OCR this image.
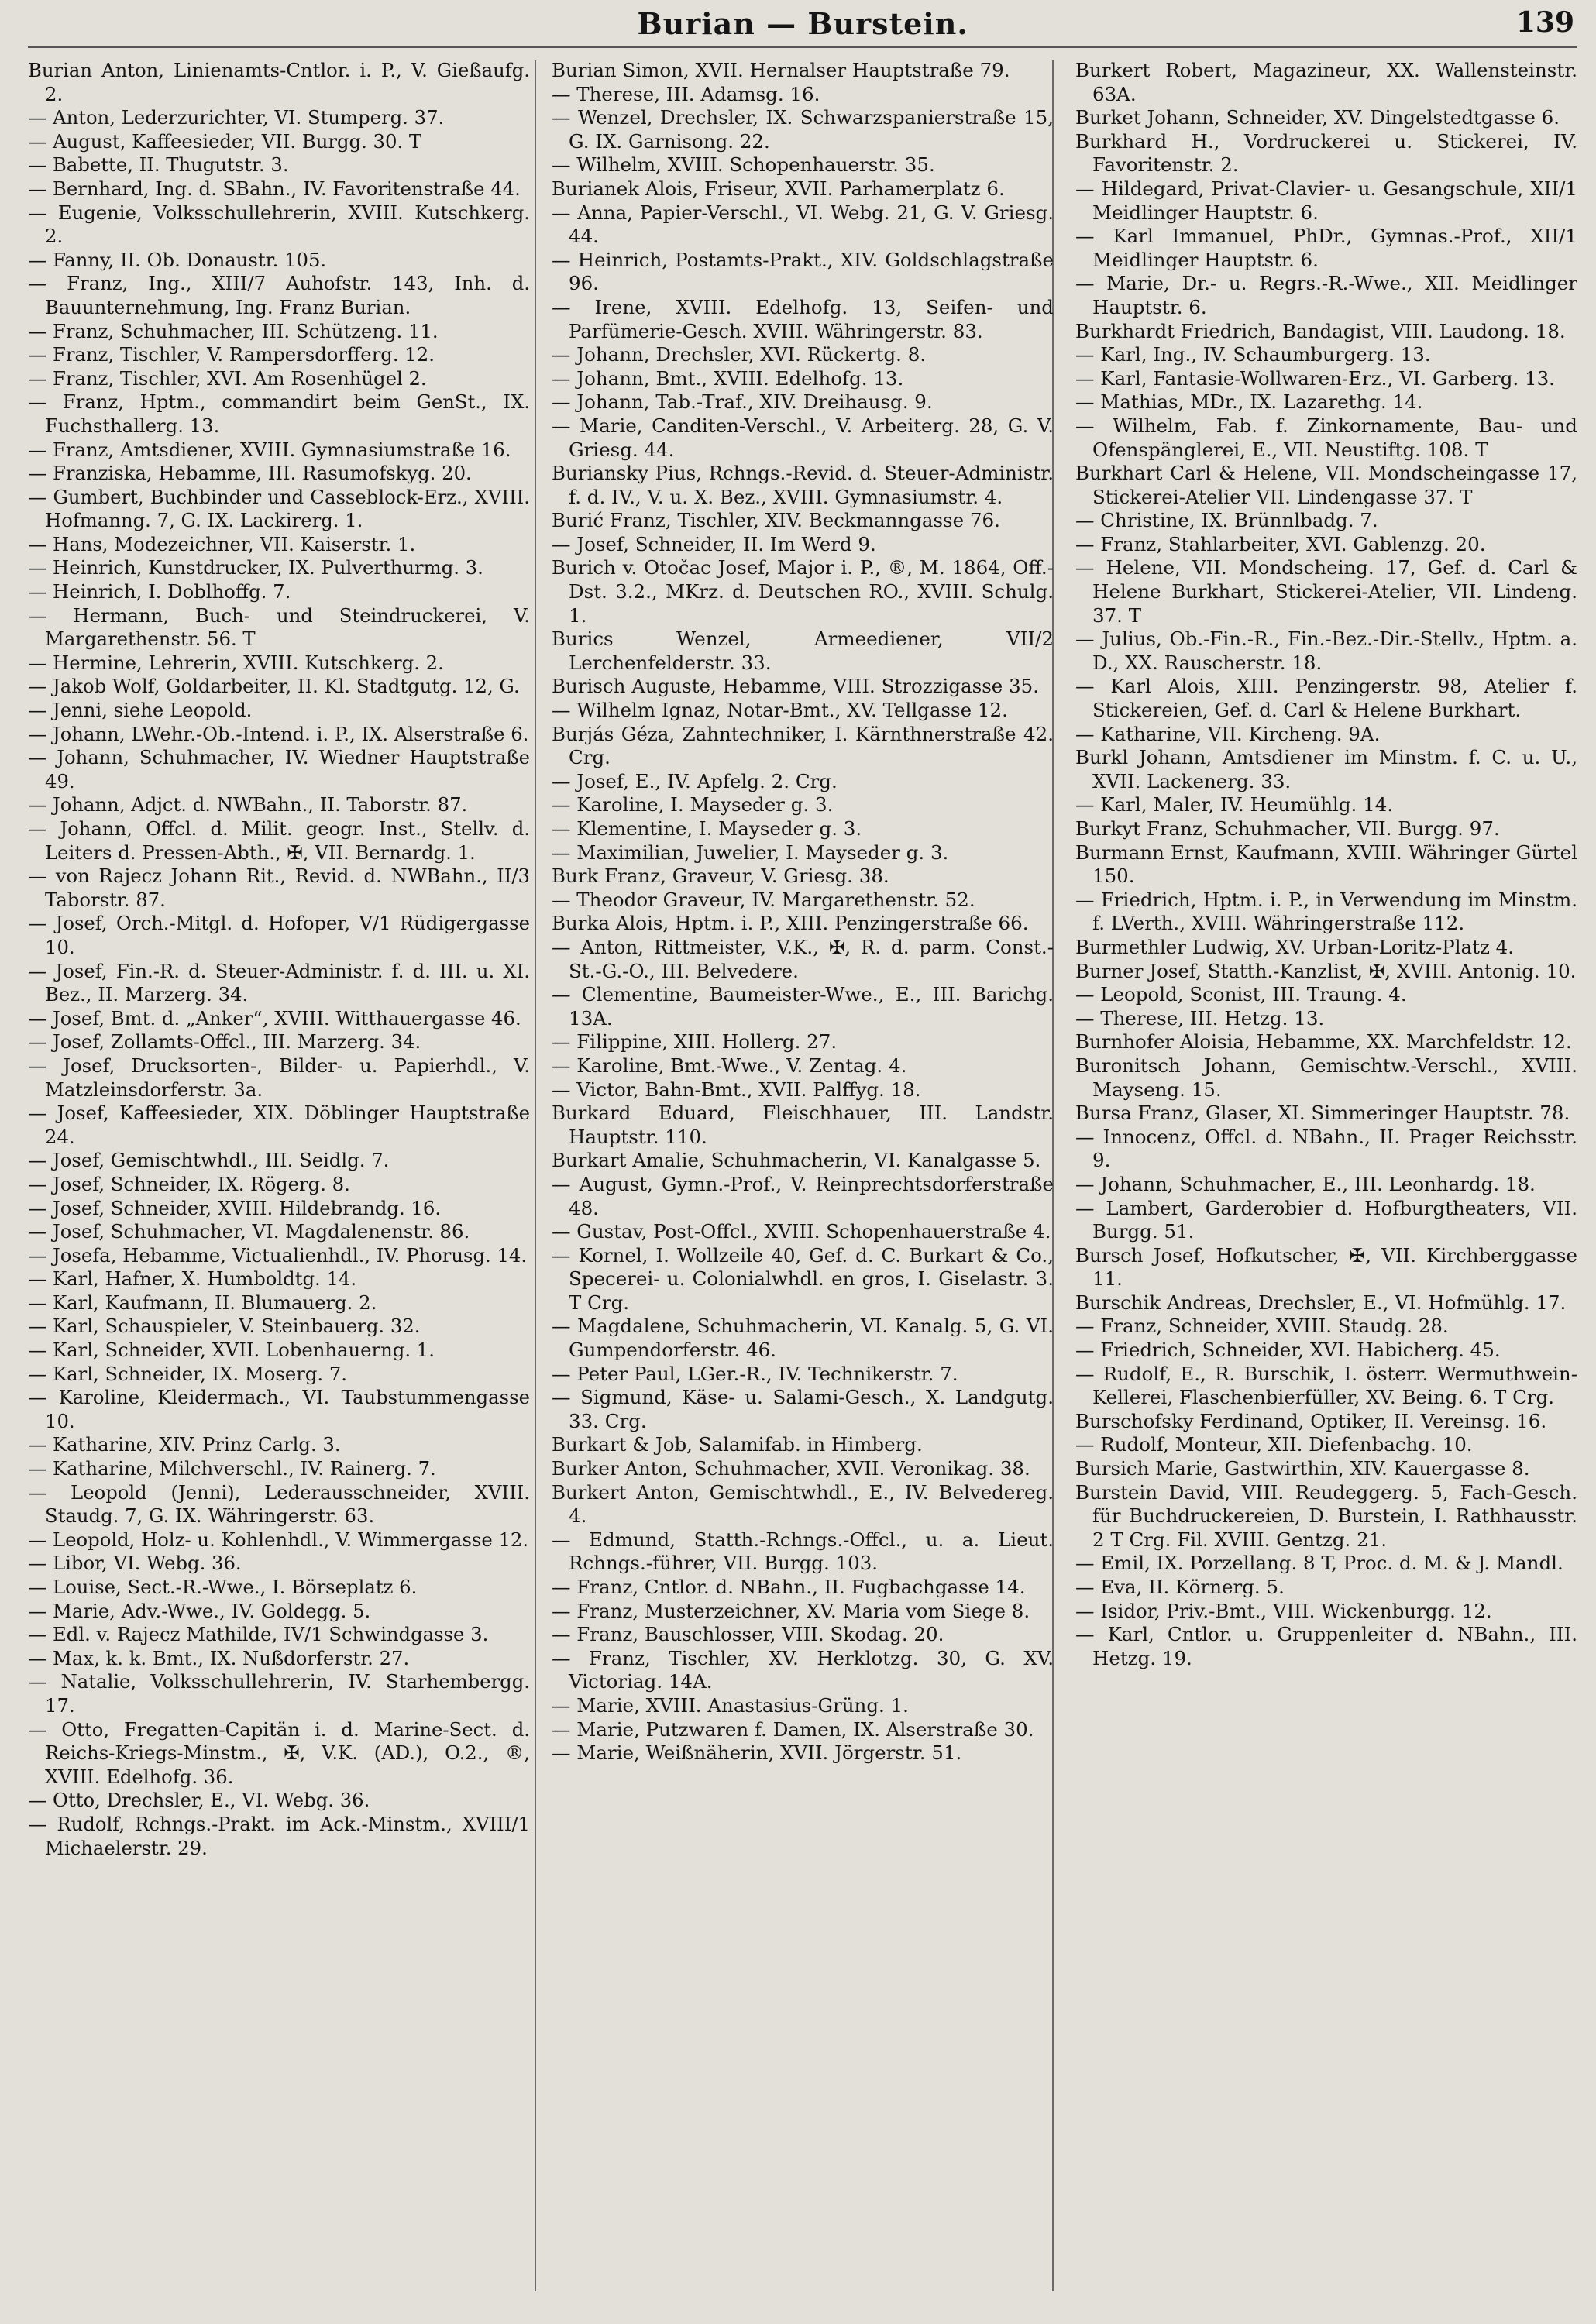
Burian — Burstein.	139

Burian Anton, Linienamts-Cntlor. i. P., V. Gießaufg. 2.

— Anton, Lederzurichter, VI. Stumperg. 37.

— August, Kaffeesieder, VII. Burgg. 30. T

— Babette, II. Thugutstr. 3.

— Bernhard, Ing. d. SBahn., IV. Favoritenstraße 44.

— Eugenie, Volksschullehrerin, XVIII. Kutschkerg. 2.

— Fanny, II. Ob. Donaustr. 105.

— Franz, Ing., XIII/7 Auhofstr. 143, Inh. d. Bauunternehmung, Ing. Franz Burian.

— Franz, Schuhmacher, III. Schützeng. 11.

— Franz, Tischler, V. Rampersdorfferg. 12.

— Franz, Tischler, XVI. Am Rosenhügel 2.

— Franz, Hptm., commandirt beim GenSt., IX. Fuchsthallerg. 13.

— Franz, Amtsdiener, XVIII. Gymnasiumstraße 16.

— Franziska, Hebamme, III. Rasumofskyg. 20.

— Gumbert, Buchbinder und Casseblock-Erz., XVIII. Hofmanng. 7, G. IX. Lackirerg. 1.

— Hans, Modezeichner, VII. Kaiserstr. 1.

— Heinrich, Kunstdrucker, IX. Pulverthurmg. 3.

— Heinrich, I. Doblhoffg. 7.

— Hermann, Buch- und Steindruckerei, V. Margarethenstr. 56. T

— Hermine, Lehrerin, XVIII. Kutschkerg. 2.

— Jakob Wolf, Goldarbeiter, II. Kl. Stadtgutg. 12, G.

— Jenni, siehe Leopold.

— Johann, LWehr.-Ob.-Intend. i. P., IX. Alserstraße 6.

— Johann, Schuhmacher, IV. Wiedner Hauptstraße 49.

— Johann, Adjct. d. NWBahn., II. Taborstr. 87.

— Johann, Offcl. d. Milit. geogr. Inst., Stellv. d. Leiters d. Pressen-Abth., ✠, VII. Bernardg. 1.

— von Rajecz Johann Rit., Revid. d. NWBahn., II/3 Taborstr. 87.

— Josef, Orch.-Mitgl. d. Hofoper, V/1 Rüdigergasse 10.

— Josef, Fin.-R. d. Steuer-Administr. f. d. III. u. XI. Bez., II. Marzerg. 34.

— Josef, Bmt. d. „Anker“, XVIII. Witthauergasse 46.

— Josef, Zollamts-Offcl., III. Marzerg. 34.

— Josef, Drucksorten-, Bilder- u. Papierhdl., V. Matzleinsdorferstr. 3a.

— Josef, Kaffeesieder, XIX. Döblinger Hauptstraße 24.

— Josef, Gemischtwhdl., III. Seidlg. 7.

— Josef, Schneider, IX. Rögerg. 8.

— Josef, Schneider, XVIII. Hildebrandg. 16.

— Josef, Schuhmacher, VI. Magdalenenstr. 86.

— Josefa, Hebamme, Victualienhdl., IV. Phorusg. 14.

— Karl, Hafner, X. Humboldtg. 14.

— Karl, Kaufmann, II. Blumauerg. 2.

— Karl, Schauspieler, V. Steinbauerg. 32.

— Karl, Schneider, XVII. Lobenhauerng. 1.

— Karl, Schneider, IX. Moserg. 7.

— Karoline, Kleidermach., VI. Taubstummengasse 10.

— Katharine, XIV. Prinz Carlg. 3.

— Katharine, Milchverschl., IV. Rainerg. 7.

— Leopold (Jenni), Lederausschneider, XVIII. Staudg. 7, G. IX. Währingerstr. 63.

— Leopold, Holz- u. Kohlenhdl., V. Wimmergasse 12.

— Libor, VI. Webg. 36.

— Louise, Sect.-R.-Wwe., I. Börseplatz 6.

— Marie, Adv.-Wwe., IV. Goldegg. 5.

— Edl. v. Rajecz Mathilde, IV/1 Schwindgasse 3.

— Max, k. k. Bmt., IX. Nußdorferstr. 27.

— Natalie, Volksschullehrerin, IV. Starhembergg. 17.

— Otto, Fregatten-Capitän i. d. Marine-Sect. d. Reichs-Kriegs-Minstm., ✠, V.K. (AD.), O.2., ®, XVIII. Edelhofg. 36.

— Otto, Drechsler, E., VI. Webg. 36.

— Rudolf, Rchngs.-Prakt. im Ack.-Minstm., XVIII/1 Michaelerstr. 29.

Burian Simon, XVII. Hernalser Hauptstraße 79.

— Therese, III. Adamsg. 16.

— Wenzel, Drechsler, IX. Schwarzspanierstraße 15, G. IX. Garnisong. 22.

— Wilhelm, XVIII. Schopenhauerstr. 35.

Burianek Alois, Friseur, XVII. Parhamerplatz 6.

— Anna, Papier-Verschl., VI. Webg. 21, G. V. Griesg. 44.

— Heinrich, Postamts-Prakt., XIV. Goldschlagstraße 96.

— Irene, XVIII. Edelhofg. 13, Seifen- und Parfümerie-Gesch. XVIII. Währingerstr. 83.

— Johann, Drechsler, XVI. Rückertg. 8.

— Johann, Bmt., XVIII. Edelhofg. 13.

— Johann, Tab.-Traf., XIV. Dreihausg. 9.

— Marie, Canditen-Verschl., V. Arbeiterg. 28, G. V. Griesg. 44.

Buriansky Pius, Rchngs.-Revid. d. Steuer-Administr. f. d. IV., V. u. X. Bez., XVIII. Gymnasiumstr. 4.

Burić Franz, Tischler, XIV. Beckmanngasse 76.

— Josef, Schneider, II. Im Werd 9.

Burich v. Otočac Josef, Major i. P., ®, M. 1864, Off.-Dst. 3.2., MKrz. d. Deutschen RO., XVIII. Schulg. 1.

Burics Wenzel, Armeediener, VII/2 Lerchenfelderstr. 33.

Burisch Auguste, Hebamme, VIII. Strozzigasse 35.

— Wilhelm Ignaz, Notar-Bmt., XV. Tellgasse 12.

Burjás Géza, Zahntechniker, I. Kärnthnerstraße 42. Crg.

— Josef, E., IV. Apfelg. 2. Crg.

— Karoline, I. Mayseder g. 3.

— Klementine, I. Mayseder g. 3.

— Maximilian, Juwelier, I. Mayseder g. 3.

Burk Franz, Graveur, V. Griesg. 38.

— Theodor Graveur, IV. Margarethenstr. 52.

Burka Alois, Hptm. i. P., XIII. Penzingerstraße 66.

— Anton, Rittmeister, V.K., ✠, R. d. parm. Const.-St.-G.-O., III. Belvedere.

— Clementine, Baumeister-Wwe., E., III. Barichg. 13A.

— Filippine, XIII. Hollerg. 27.

— Karoline, Bmt.-Wwe., V. Zentag. 4.

— Victor, Bahn-Bmt., XVII. Palffyg. 18.

Burkard Eduard, Fleischhauer, III. Landstr. Hauptstr. 110.

Burkart Amalie, Schuhmacherin, VI. Kanalgasse 5.

— August, Gymn.-Prof., V. Reinprechtsdorferstraße 48.

— Gustav, Post-Offcl., XVIII. Schopenhauerstraße 4.

— Kornel, I. Wollzeile 40, Gef. d. C. Burkart & Co., Specerei- u. Colonialwhdl. en gros, I. Giselastr. 3. T Crg.

— Magdalene, Schuhmacherin, VI. Kanalg. 5, G. VI. Gumpendorferstr. 46.

— Peter Paul, LGer.-R., IV. Technikerstr. 7.

— Sigmund, Käse- u. Salami-Gesch., X. Landgutg. 33. Crg.

Burkart & Job, Salamifab. in Himberg.

Burker Anton, Schuhmacher, XVII. Veronikag. 38.

Burkert Anton, Gemischtwhdl., E., IV. Belvedereg. 4.

— Edmund, Statth.-Rchngs.-Offcl., u. a. Lieut. Rchngs.-führer, VII. Burgg. 103.

— Franz, Cntlor. d. NBahn., II. Fugbachgasse 14.

— Franz, Musterzeichner, XV. Maria vom Siege 8.

— Franz, Bauschlosser, VIII. Skodag. 20.

— Franz, Tischler, XV. Herklotzg. 30, G. XV. Victoriag. 14A.

— Marie, XVIII. Anastasius-Grüng. 1.

— Marie, Putzwaren f. Damen, IX. Alserstraße 30.

— Marie, Weißnäherin, XVII. Jörgerstr. 51.

Burkert Robert, Magazineur, XX. Wallensteinstr. 63A.

Burket Johann, Schneider, XV. Dingelstedtgasse 6.

Burkhard H., Vordruckerei u. Stickerei, IV. Favoritenstr. 2.

— Hildegard, Privat-Clavier- u. Gesangschule, XII/1 Meidlinger Hauptstr. 6.

— Karl Immanuel, PhDr., Gymnas.-Prof., XII/1 Meidlinger Hauptstr. 6.

— Marie, Dr.- u. Regrs.-R.-Wwe., XII. Meidlinger Hauptstr. 6.

Burkhardt Friedrich, Bandagist, VIII. Laudong. 18.

— Karl, Ing., IV. Schaumburgerg. 13.

— Karl, Fantasie-Wollwaren-Erz., VI. Garberg. 13.

— Mathias, MDr., IX. Lazarethg. 14.

— Wilhelm, Fab. f. Zinkornamente, Bau- und Ofenspänglerei, E., VII. Neustiftg. 108. T

Burkhart Carl & Helene, VII. Mondscheingasse 17, Stickerei-Atelier VII. Lindengasse 37. T

— Christine, IX. Brünnlbadg. 7.

— Franz, Stahlarbeiter, XVI. Gablenzg. 20.

— Helene, VII. Mondscheing. 17, Gef. d. Carl & Helene Burkhart, Stickerei-Atelier, VII. Lindeng. 37. T

— Julius, Ob.-Fin.-R., Fin.-Bez.-Dir.-Stellv., Hptm. a. D., XX. Rauscherstr. 18.

— Karl Alois, XIII. Penzingerstr. 98, Atelier f. Stickereien, Gef. d. Carl & Helene Burkhart.

— Katharine, VII. Kircheng. 9A.

Burkl Johann, Amtsdiener im Minstm. f. C. u. U., XVII. Lackenerg. 33.

— Karl, Maler, IV. Heumühlg. 14.

Burkyt Franz, Schuhmacher, VII. Burgg. 97.

Burmann Ernst, Kaufmann, XVIII. Währinger Gürtel 150.

— Friedrich, Hptm. i. P., in Verwendung im Minstm. f. LVerth., XVIII. Währingerstraße 112.

Burmethler Ludwig, XV. Urban-Loritz-Platz 4.

Burner Josef, Statth.-Kanzlist, ✠, XVIII. Antonig. 10.

— Leopold, Sconist, III. Traung. 4.

— Therese, III. Hetzg. 13.

Burnhofer Aloisia, Hebamme, XX. Marchfeldstr. 12.

Buronitsch Johann, Gemischtw.-Verschl., XVIII. Mayseng. 15.

Bursa Franz, Glaser, XI. Simmeringer Hauptstr. 78.

— Innocenz, Offcl. d. NBahn., II. Prager Reichsstr. 9.

— Johann, Schuhmacher, E., III. Leonhardg. 18.

— Lambert, Garderobier d. Hofburgtheaters, VII. Burgg. 51.

Bursch Josef, Hofkutscher, ✠, VII. Kirchberggasse 11.

Burschik Andreas, Drechsler, E., VI. Hofmühlg. 17.

— Franz, Schneider, XVIII. Staudg. 28.

— Friedrich, Schneider, XVI. Habicherg. 45.

— Rudolf, E., R. Burschik, I. österr. Wermuthwein-Kellerei, Flaschenbierfüller, XV. Being. 6. T Crg.

Burschofsky Ferdinand, Optiker, II. Vereinsg. 16.

— Rudolf, Monteur, XII. Diefenbachg. 10.

Bursich Marie, Gastwirthin, XIV. Kauergasse 8.

Burstein David, VIII. Reudeggerg. 5, Fach-Gesch. für Buchdruckereien, D. Burstein, I. Rathhausstr. 2 T Crg. Fil. XVIII. Gentzg. 21.

— Emil, IX. Porzellang. 8 T, Proc. d. M. & J. Mandl.

— Eva, II. Körnerg. 5.

— Isidor, Priv.-Bmt., VIII. Wickenburgg. 12.

— Karl, Cntlor. u. Gruppenleiter d. NBahn., III. Hetzg. 19.
